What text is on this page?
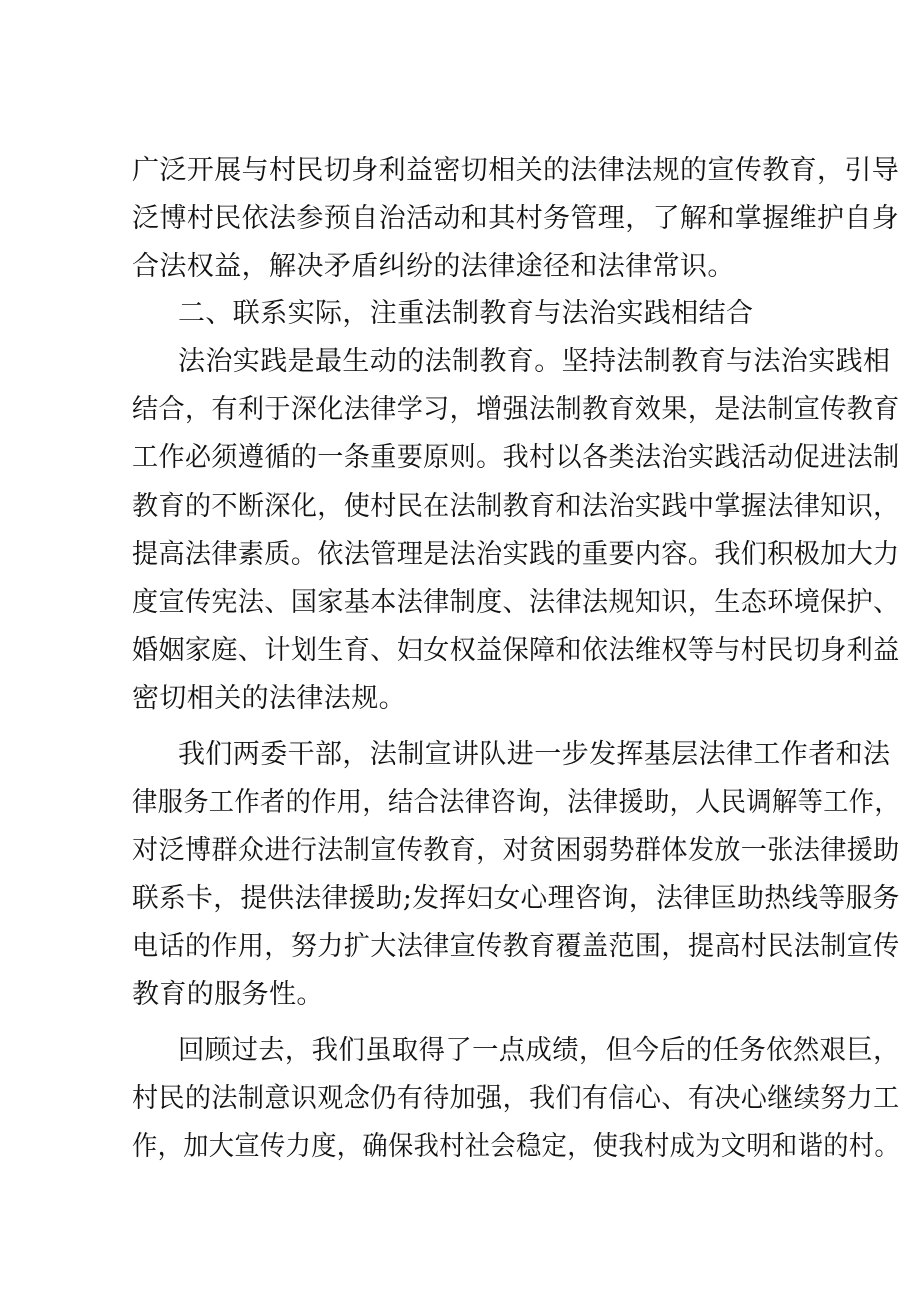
广泛开展与村民切身利益密切相关的法律法规的宣传教育，引导
泛博村民依法参预自治活动和其村务管理，了解和掌握维护自身
合法权益，解决矛盾纠纷的法律途径和法律常识。
二、联系实际，注重法制教育与法治实践相结合
法治实践是最生动的法制教育。坚持法制教育与法治实践相
结合，有利于深化法律学习，增强法制教育效果，是法制宣传教育
工作必须遵循的一条重要原则。我村以各类法治实践活动促进法制
教育的不断深化，使村民在法制教育和法治实践中掌握法律知识，
提高法律素质。依法管理是法治实践的重要内容。我们积极加大力
度宣传宪法、国家基本法律制度、法律法规知识，生态环境保护、
婚姻家庭、计划生育、妇女权益保障和依法维权等与村民切身利益
密切相关的法律法规。
我们两委干部，法制宣讲队进一步发挥基层法律工作者和法
律服务工作者的作用，结合法律咨询，法律援助，人民调解等工作，
对泛博群众进行法制宣传教育，对贫困弱势群体发放一张法律援助
联系卡，提供法律援助;发挥妇女心理咨询，法律匡助热线等服务
电话的作用，努力扩大法律宣传教育覆盖范围，提高村民法制宣传
教育的服务性。
回顾过去，我们虽取得了一点成绩，但今后的任务依然艰巨，
村民的法制意识观念仍有待加强，我们有信心、有决心继续努力工
作，加大宣传力度，确保我村社会稳定，使我村成为文明和谐的村。
